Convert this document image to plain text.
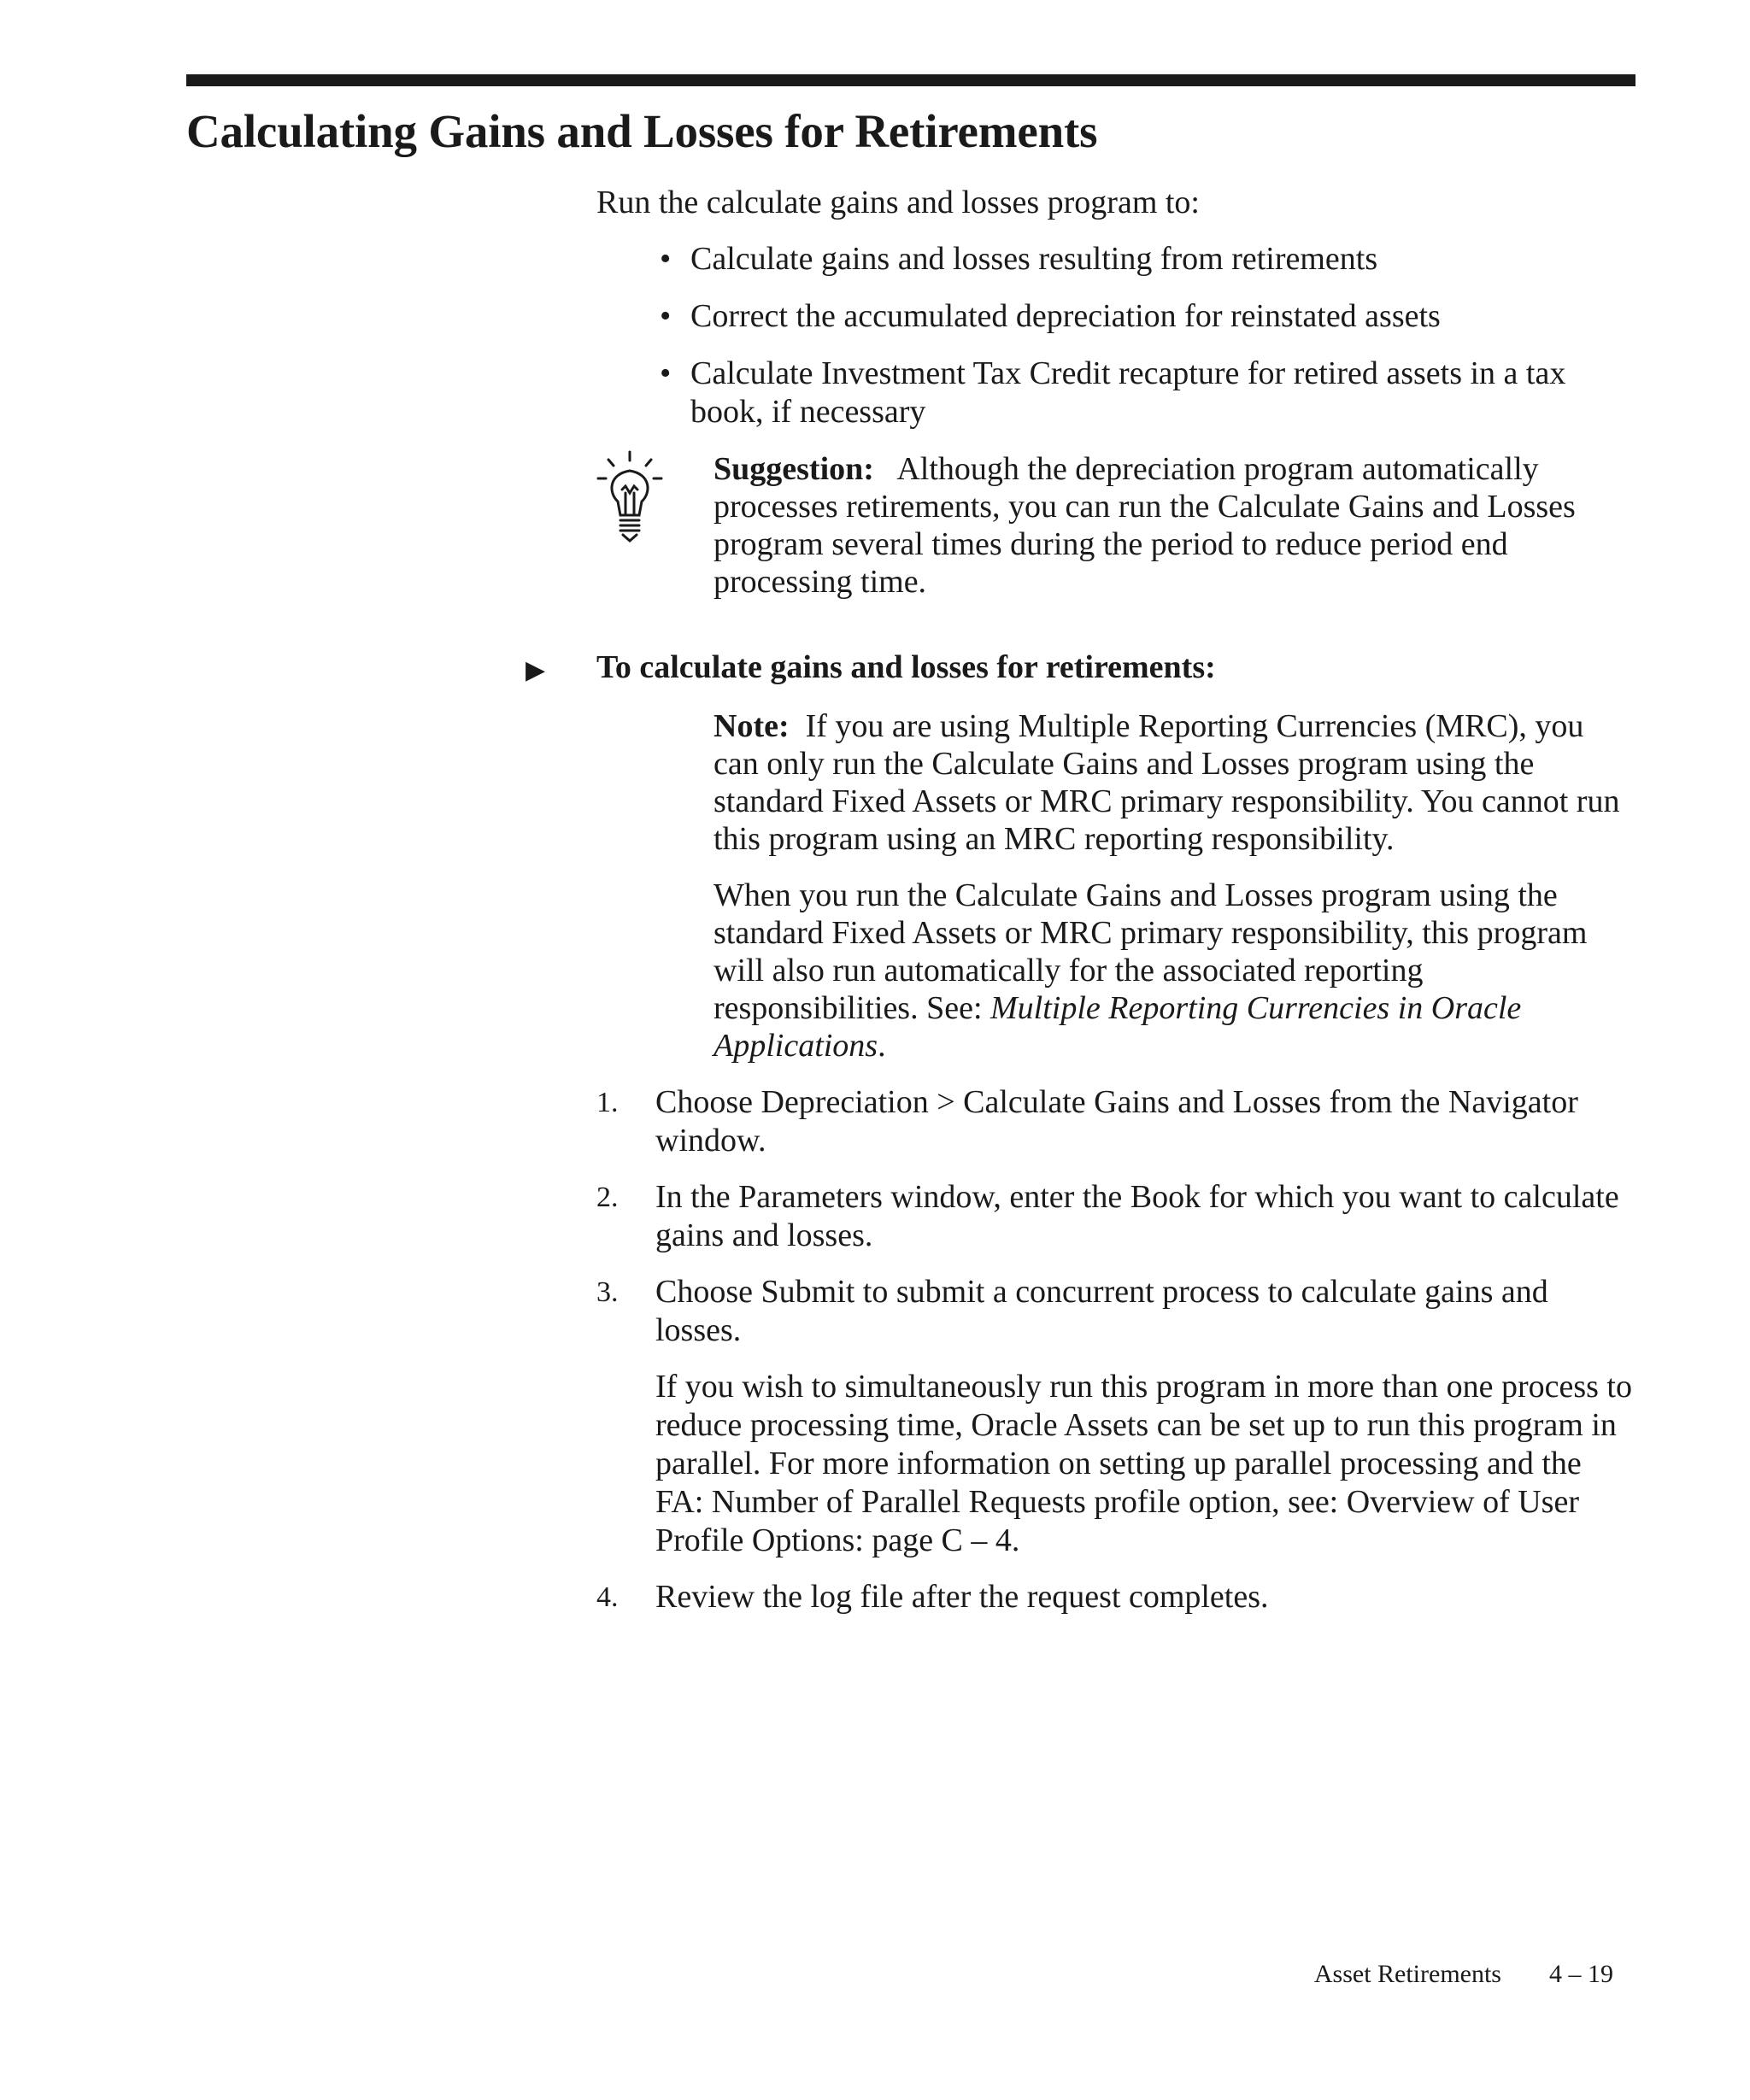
Calculating Gains and Losses for Retirements

Run the calculate gains and losses program to:

• Calculate gains and losses resulting from retirements
• Correct the accumulated depreciation for reinstated assets
• Calculate Investment Tax Credit recapture for retired assets in a tax book, if necessary

Suggestion: Although the depreciation program automatically processes retirements, you can run the Calculate Gains and Losses program several times during the period to reduce period end processing time.

▶ To calculate gains and losses for retirements:

Note: If you are using Multiple Reporting Currencies (MRC), you can only run the Calculate Gains and Losses program using the standard Fixed Assets or MRC primary responsibility. You cannot run this program using an MRC reporting responsibility.

When you run the Calculate Gains and Losses program using the standard Fixed Assets or MRC primary responsibility, this program will also run automatically for the associated reporting responsibilities. See: Multiple Reporting Currencies in Oracle Applications.

1. Choose Depreciation > Calculate Gains and Losses from the Navigator window.
2. In the Parameters window, enter the Book for which you want to calculate gains and losses.
3. Choose Submit to submit a concurrent process to calculate gains and losses.

If you wish to simultaneously run this program in more than one process to reduce processing time, Oracle Assets can be set up to run this program in parallel. For more information on setting up parallel processing and the FA: Number of Parallel Requests profile option, see: Overview of User Profile Options: page C – 4.

4. Review the log file after the request completes.
Asset Retirements 4 – 19
